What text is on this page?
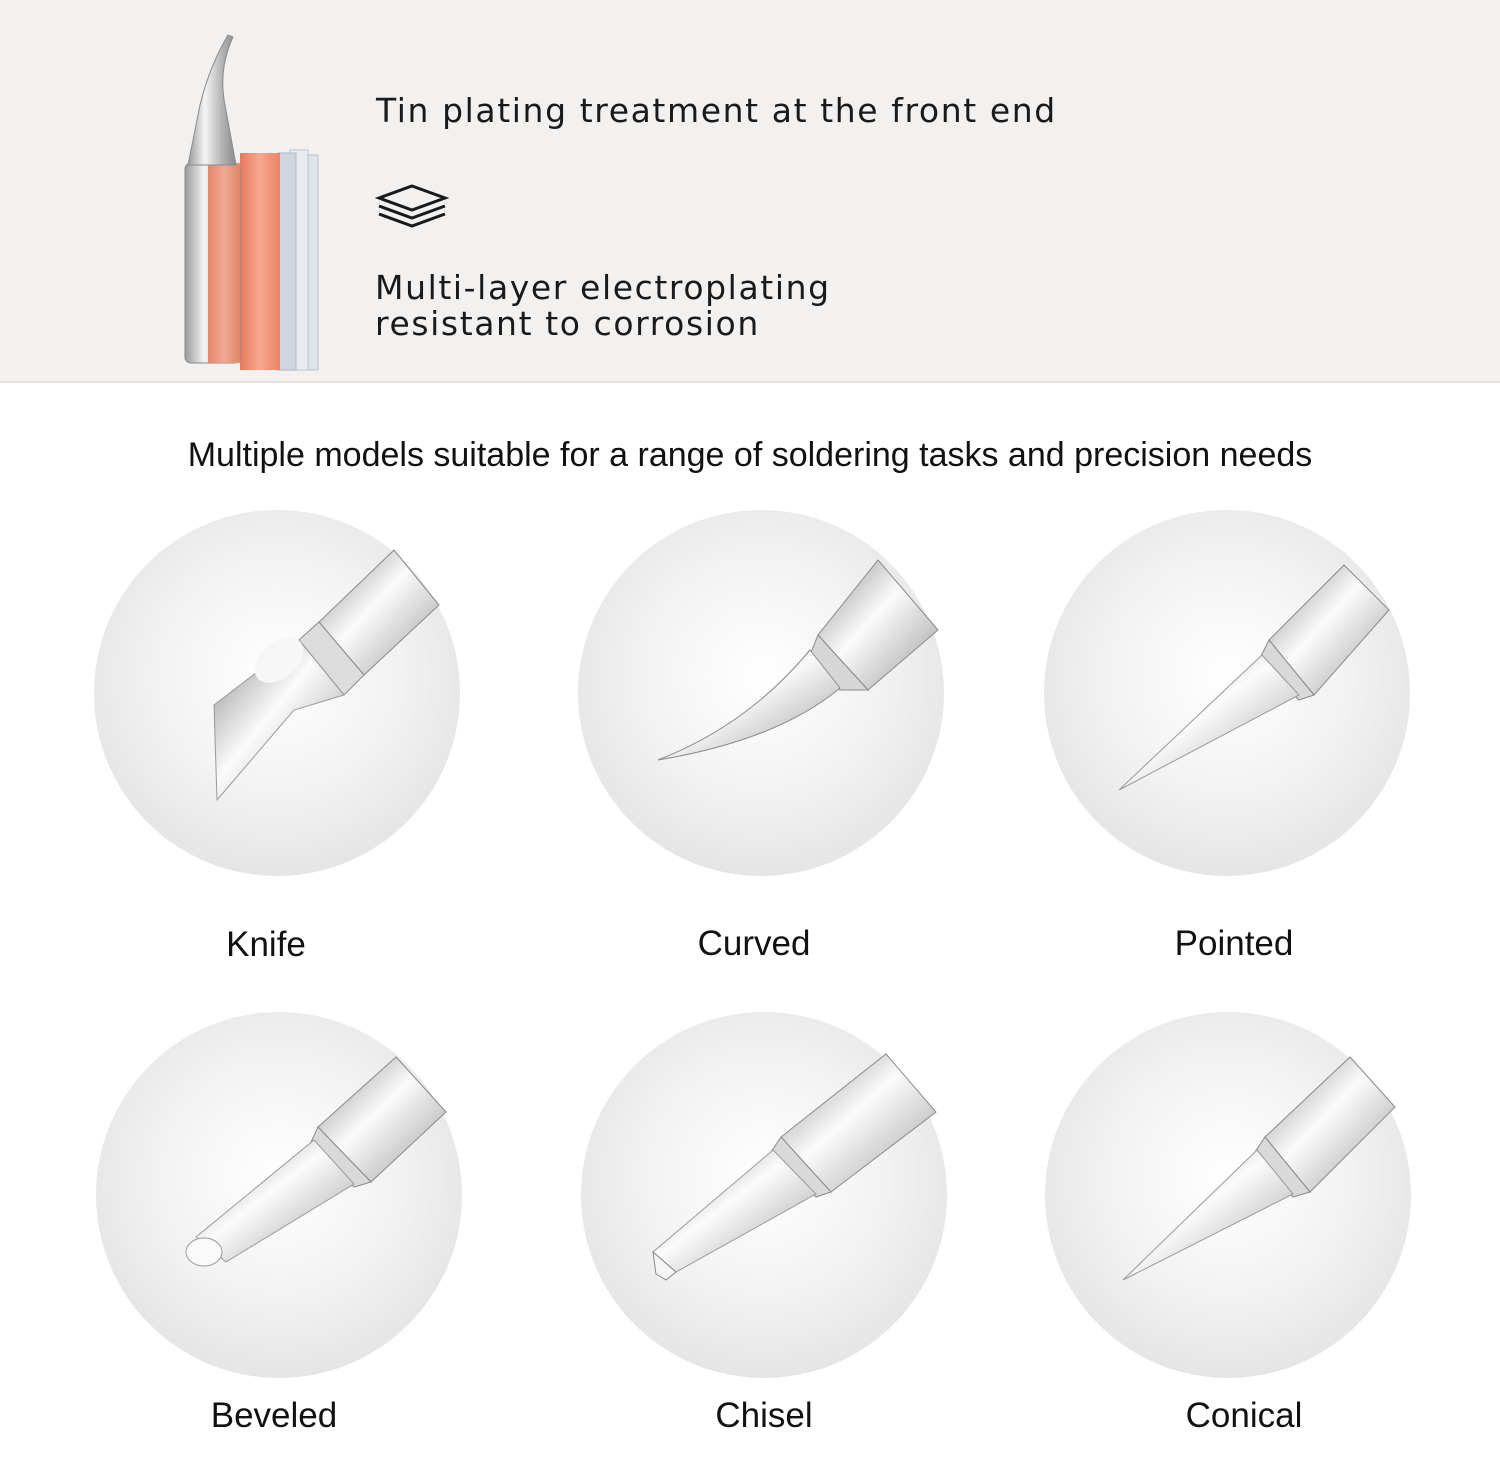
Tin plating treatment at the front end
Multi-layer electroplating
resistant to corrosion
Multiple models suitable for a range of soldering tasks and precision needs
Knife	Curved	Pointed
Beveled	Chisel	Conical
